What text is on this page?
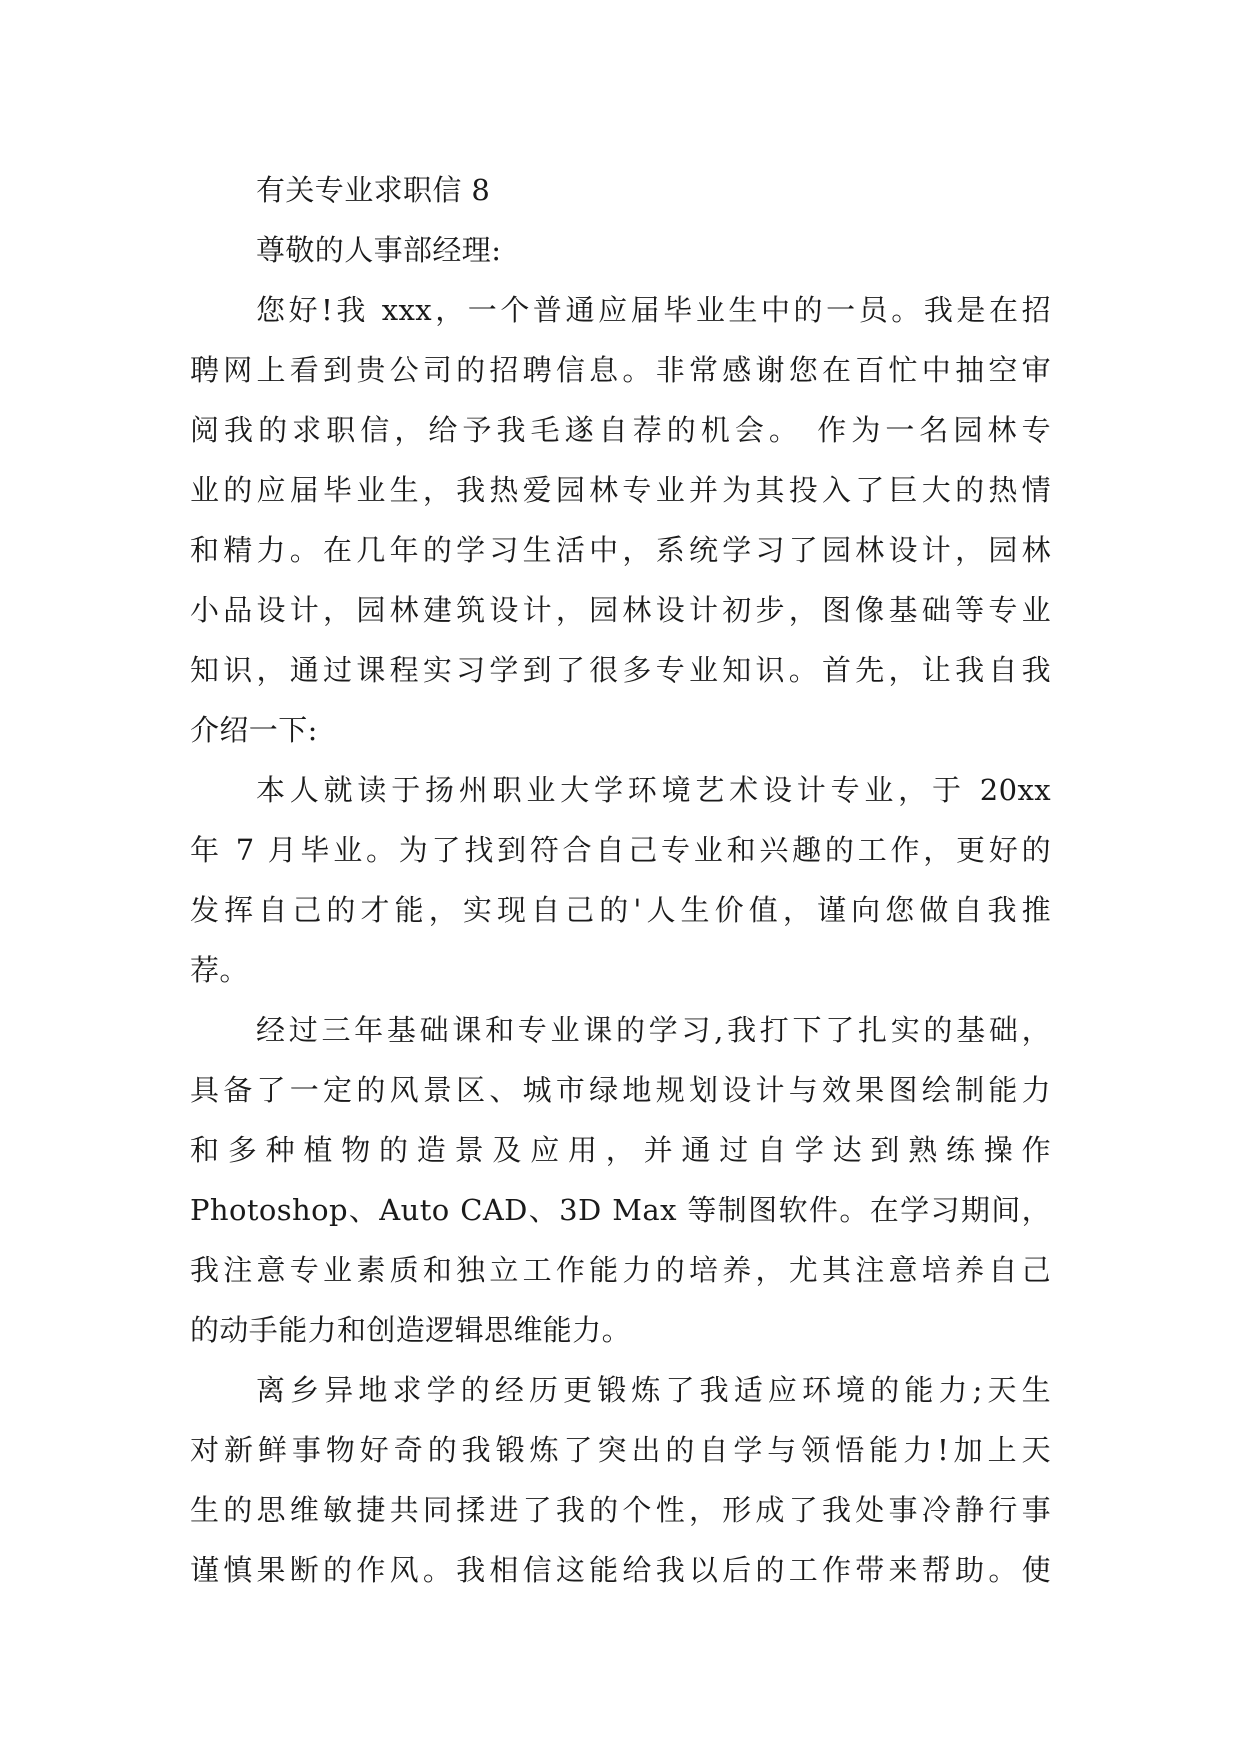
有关专业求职信 8
尊敬的人事部经理:
您好!我 xxx，一个普通应届毕业生中的一员。我是在招
聘网上看到贵公司的招聘信息。非常感谢您在百忙中抽空审
阅我的求职信，给予我毛遂自荐的机会。 作为一名园林专
业的应届毕业生，我热爱园林专业并为其投入了巨大的热情
和精力。在几年的学习生活中，系统学习了园林设计，园林
小品设计，园林建筑设计，园林设计初步，图像基础等专业
知识，通过课程实习学到了很多专业知识。首先，让我自我
介绍一下:
本人就读于扬州职业大学环境艺术设计专业，于 20xx
年 7 月毕业。为了找到符合自己专业和兴趣的工作，更好的
发挥自己的才能，实现自己的'人生价值，谨向您做自我推
荐。
经过三年基础课和专业课的学习,我打下了扎实的基础，
具备了一定的风景区、城市绿地规划设计与效果图绘制能力
和多种植物的造景及应用，并通过自学达到熟练操作
Photoshop、Auto CAD、3D Max 等制图软件。在学习期间，
我注意专业素质和独立工作能力的培养，尤其注意培养自己
的动手能力和创造逻辑思维能力。
离乡异地求学的经历更锻炼了我适应环境的能力;天生
对新鲜事物好奇的我锻炼了突出的自学与领悟能力!加上天
生的思维敏捷共同揉进了我的个性，形成了我处事冷静行事
谨慎果断的作风。我相信这能给我以后的工作带来帮助。使
